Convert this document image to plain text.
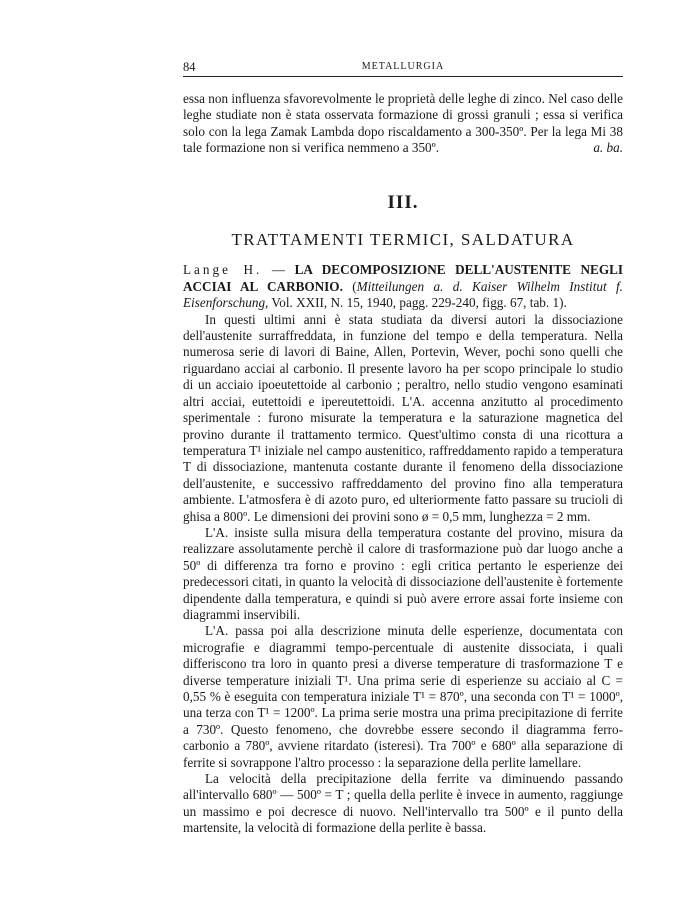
84	METALLURGIA

essa non influenza sfavorevolmente le proprietà delle leghe di zinco. Nel caso delle leghe studiate non è stata osservata formazione di grossi granuli ; essa si verifica solo con la lega Zamak Lambda dopo riscaldamento a 300-350º. Per la lega Mi 38 tale formazione non si verifica nemmeno a 350º.	a. ba.

III.
TRATTAMENTI TERMICI, SALDATURA

Lange H. — LA DECOMPOSIZIONE DELL'AUSTENITE NEGLI ACCIAI AL CARBONIO. (Mitteilungen a. d. Kaiser Wilhelm Institut f. Eisenforschung, Vol. XXII, N. 15, 1940, pagg. 229-240, figg. 67, tab. 1).

In questi ultimi anni è stata studiata da diversi autori la dissociazione dell'austenite surraffreddata, in funzione del tempo e della temperatura. Nella numerosa serie di lavori di Baine, Allen, Portevin, Wever, pochi sono quelli che riguardano acciai al carbonio. Il presente lavoro ha per scopo principale lo studio di un acciaio ipoeutettoide al carbonio ; peraltro, nello studio vengono esaminati altri acciai, eutettoidi e ipereutettoidi. L'A. accenna anzitutto al procedimento sperimentale : furono misurate la temperatura e la saturazione magnetica del provino durante il trattamento termico. Quest'ultimo consta di una ricottura a temperatura T¹ iniziale nel campo austenitico, raffreddamento rapido a temperatura T di dissociazione, mantenuta costante durante il fenomeno della dissociazione dell'austenite, e successivo raffreddamento del provino fino alla temperatura ambiente. L'atmosfera è di azoto puro, ed ulteriormente fatto passare su trucioli di ghisa a 800º. Le dimensioni dei provini sono ø = 0,5 mm, lunghezza = 2 mm.

L'A. insiste sulla misura della temperatura costante del provino, misura da realizzare assolutamente perchè il calore di trasformazione può dar luogo anche a 50º di differenza tra forno e provino : egli critica pertanto le esperienze dei predecessori citati, in quanto la velocità di dissociazione dell'austenite è fortemente dipendente dalla temperatura, e quindi si può avere errore assai forte insieme con diagrammi inservibili.

L'A. passa poi alla descrizione minuta delle esperienze, documentata con micrografie e diagrammi tempo-percentuale di austenite dissociata, i quali differiscono tra loro in quanto presi a diverse temperature di trasformazione T e diverse temperature iniziali T¹. Una prima serie di esperienze su acciaio al C = 0,55 % è eseguita con temperatura iniziale T¹ = 870º, una seconda con T¹ = 1000º, una terza con T¹ = 1200º. La prima serie mostra una prima precipitazione di ferrite a 730º. Questo fenomeno, che dovrebbe essere secondo il diagramma ferro-carbonio a 780º, avviene ritardato (isteresi). Tra 700º e 680º alla separazione di ferrite si sovrappone l'altro processo : la separazione della perlite lamellare.

La velocità della precipitazione della ferrite va diminuendo passando all'intervallo 680º — 500º = T ; quella della perlite è invece in aumento, raggiunge un massimo e poi decresce di nuovo. Nell'intervallo tra 500º e il punto della martensite, la velocità di formazione della perlite è bassa.
